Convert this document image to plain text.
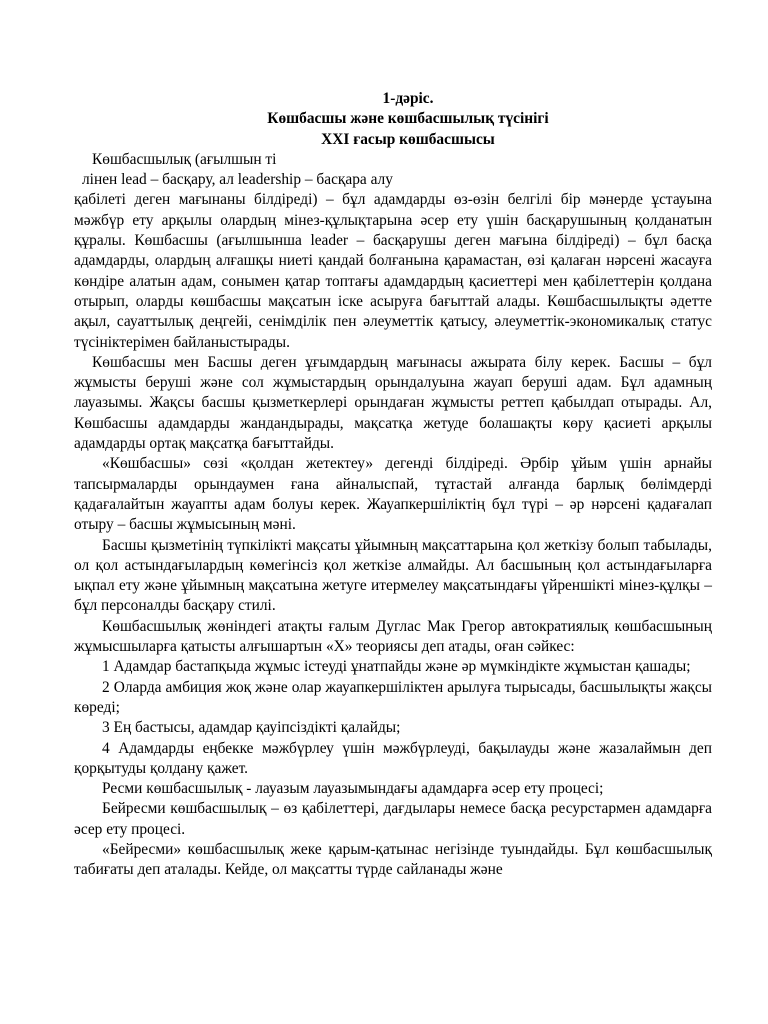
1-дәріс.

Көшбасшы және көшбасшылық түсінігі

XXI ғасыр көшбасшысы

Көшбасшылық (ағылшын ті

лінен lead – басқару, ал leadership – басқара алу

қабілеті деген мағынаны білдіреді) – бұл адамдарды өз-өзін белгілі бір мәнерде ұстауына мәжбүр ету арқылы олардың мінез-құлықтарына әсер ету үшін басқарушының қолданатын құралы. Көшбасшы (ағылшынша leader – басқарушы деген мағына білдіреді) – бұл басқа адамдарды, олардың алғашқы ниеті қандай болғанына қарамастан, өзі қалаған нәрсені жасауға көндіре алатын адам, сонымен қатар топтағы адамдардың қасиеттері мен қабілеттерін қолдана отырып, оларды көшбасшы мақсатын іске асыруға бағыттай алады. Көшбасшылықты әдетте ақыл, сауаттылық деңгейі, сенімділік пен әлеуметтік қатысу, әлеуметтік-экономикалық статус түсініктерімен байланыстырады.

Көшбасшы мен Басшы деген ұғымдардың мағынасы ажырата білу керек. Басшы – бұл жұмысты беруші және сол жұмыстардың орындалуына жауап беруші адам. Бұл адамның лауазымы. Жақсы басшы қызметкерлері орындаған жұмысты реттеп қабылдап отырады. Ал, Көшбасшы адамдарды жандандырады, мақсатқа жетуде болашақты көру қасиеті арқылы адамдарды ортақ мақсатқа бағыттайды.

«Көшбасшы» сөзі «қолдан жетектеу» дегенді білдіреді. Әрбір ұйым үшін арнайы тапсырмаларды орындаумен ғана айналыспай, тұтастай алғанда барлық бөлімдерді қадағалайтын жауапты адам болуы керек. Жауапкершіліктің бұл түрі – әр нәрсені қадағалап отыру – басшы жұмысының мәні.

Басшы қызметінің түпкілікті мақсаты ұйымның мақсаттарына қол жеткізу болып табылады, ол қол астындағылардың көмегінсіз қол жеткізе алмайды. Ал басшының қол астындағыларға ықпал ету және ұйымның мақсатына жетуге итермелеу мақсатындағы үйреншікті мінез-құлқы – бұл персоналды басқару стилі.

Көшбасшылық жөніндегі атақты ғалым Дуглас Мак Грегор автократиялық көшбасшының жұмысшыларға қатысты алғышартын «Х» теориясы деп атады, оған сәйкес:

1 Адамдар бастапқыда жұмыс істеуді ұнатпайды және әр мүмкіндікте жұмыстан қашады;

2 Оларда амбиция жоқ және олар жауапкершіліктен арылуға тырысады, басшылықты жақсы көреді;

3 Ең бастысы, адамдар қауіпсіздікті қалайды;

4 Адамдарды еңбекке мәжбүрлеу үшін мәжбүрлеуді, бақылауды және жазалаймын деп қорқытуды қолдану қажет.

Ресми көшбасшылық - лауазым лауазымындағы адамдарға әсер ету процесі;

Бейресми көшбасшылық – өз қабілеттері, дағдылары немесе басқа ресурстармен адамдарға әсер ету процесі.

«Бейресми» көшбасшылық жеке қарым-қатынас негізінде туындайды. Бұл көшбасшылық табиғаты деп аталады. Кейде, ол мақсатты түрде сайланады және
